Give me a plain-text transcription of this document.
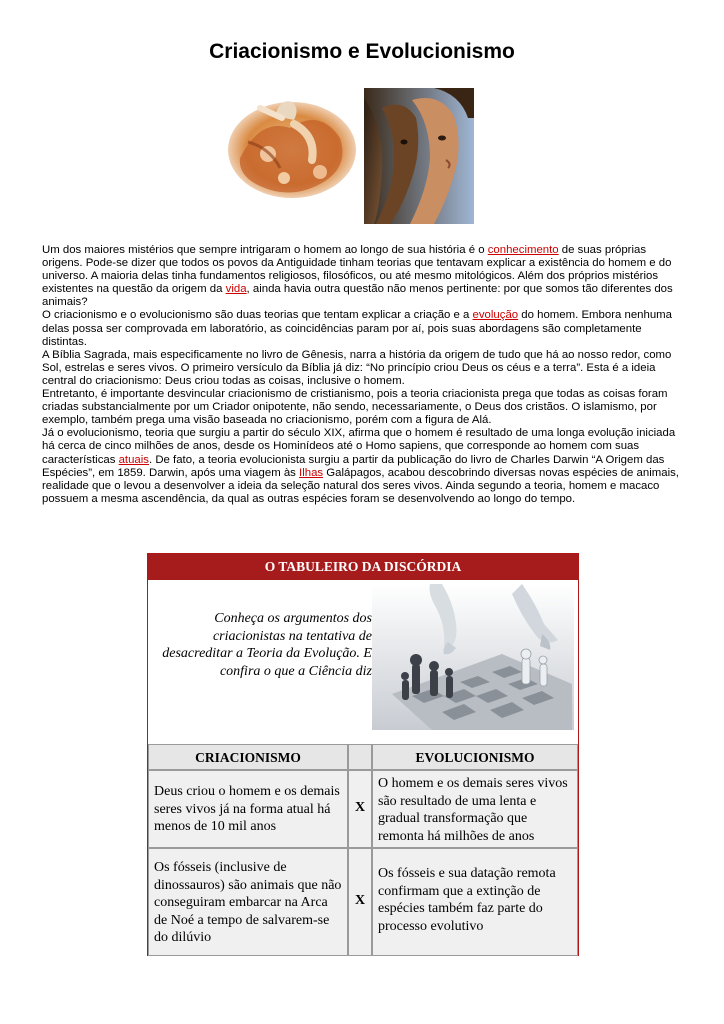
Criacionismo e Evolucionismo

Um dos maiores mistérios que sempre intrigaram o homem ao longo de sua história é o conhecimento de suas próprias origens. Pode-se dizer que todos os povos da Antiguidade tinham teorias que tentavam explicar a existência do homem e do universo. A maioria delas tinha fundamentos religiosos, filosóficos, ou até mesmo mitológicos. Além dos próprios mistérios existentes na questão da origem da vida, ainda havia outra questão não menos pertinente: por que somos tão diferentes dos animais?

O criacionismo e o evolucionismo são duas teorias que tentam explicar a criação e a evolução do homem. Embora nenhuma delas possa ser comprovada em laboratório, as coincidências param por aí, pois suas abordagens são completamente distintas.

A Bíblia Sagrada, mais especificamente no livro de Gênesis, narra a história da origem de tudo que há ao nosso redor, como Sol, estrelas e seres vivos. O primeiro versículo da Bíblia já diz: “No princípio criou Deus os céus e a terra”. Esta é a ideia central do criacionismo: Deus criou todas as coisas, inclusive o homem.

Entretanto, é importante desvincular criacionismo de cristianismo, pois a teoria criacionista prega que todas as coisas foram criadas substancialmente por um Criador onipotente, não sendo, necessariamente, o Deus dos cristãos. O islamismo, por exemplo, também prega uma visão baseada no criacionismo, porém com a figura de Alá.

Já o evolucionismo, teoria que surgiu a partir do século XIX, afirma que o homem é resultado de uma longa evolução iniciada há cerca de cinco milhões de anos, desde os Hominídeos até o Homo sapiens, que corresponde ao homem com suas características atuais. De fato, a teoria evolucionista surgiu a partir da publicação do livro de Charles Darwin “A Origem das Espécies”, em 1859. Darwin, após uma viagem às Ilhas Galápagos, acabou descobrindo diversas novas espécies de animais, realidade que o levou a desenvolver a ideia da seleção natural dos seres vivos. Ainda segundo a teoria, homem e macaco possuem a mesma ascendência, da qual as outras espécies foram se desenvolvendo ao longo do tempo.

O TABULEIRO DA DISCÓRDIA
Conheça os argumentos dos criacionistas na tentativa de desacreditar a Teoria da Evolução. E confira o que a Ciência diz
CRIACIONISMO	EVOLUCIONISMO
Deus criou o homem e os demais seres vivos já na forma atual há menos de 10 mil anos
X
O homem e os demais seres vivos são resultado de uma lenta e gradual transformação que remonta há milhões de anos
Os fósseis (inclusive de dinossauros) são animais que não conseguiram embarcar na Arca de Noé a tempo de salvarem-se do dilúvio
X
Os fósseis e sua datação remota confirmam que a extinção de espécies também faz parte do processo evolutivo
